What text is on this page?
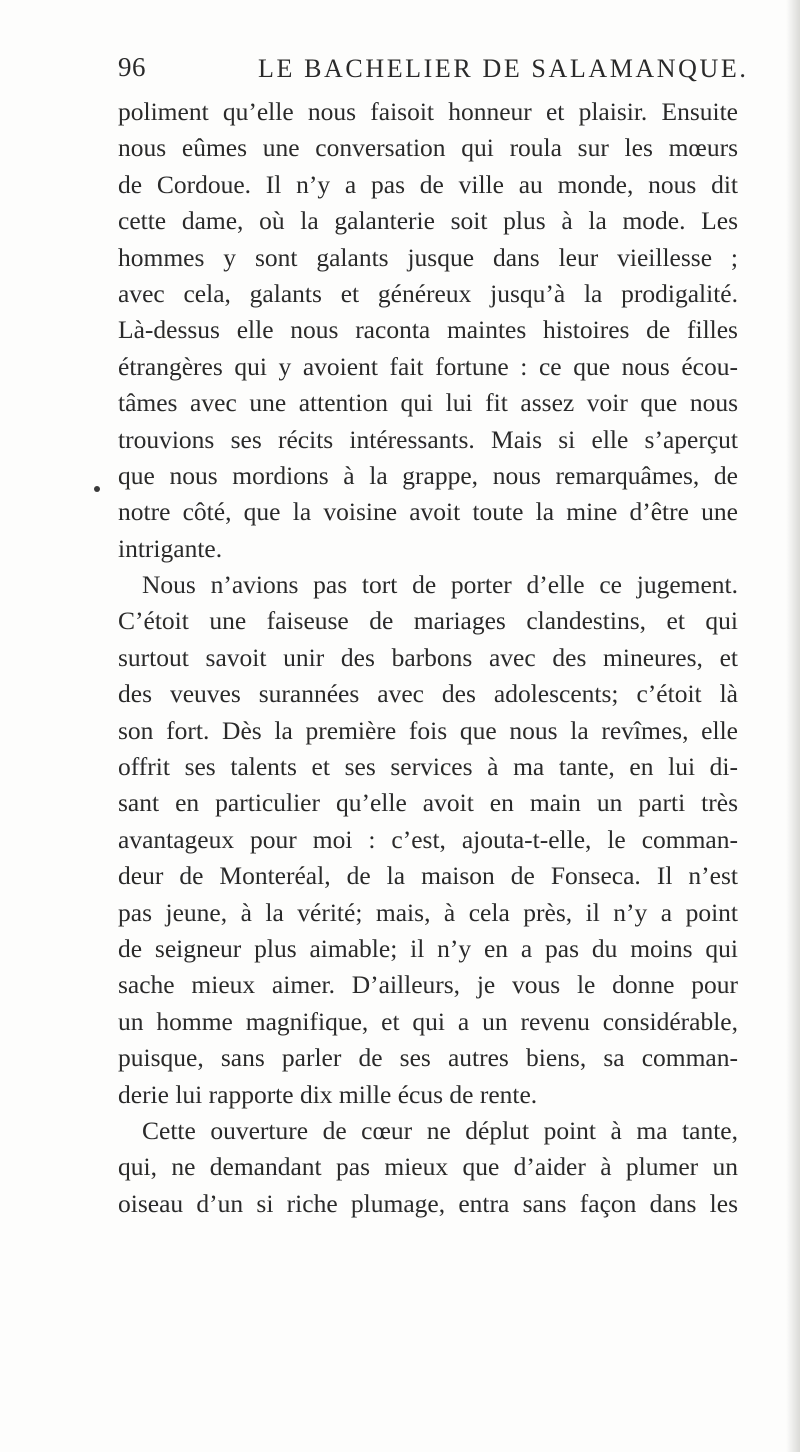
96	LE BACHELIER DE SALAMANQUE.
poliment qu’elle nous faisoit honneur et plaisir. Ensuite
nous eûmes une conversation qui roula sur les mœurs
de Cordoue. Il n’y a pas de ville au monde, nous dit
cette dame, où la galanterie soit plus à la mode. Les
hommes y sont galants jusque dans leur vieillesse ;
avec cela, galants et généreux jusqu’à la prodigalité.
Là-dessus elle nous raconta maintes histoires de filles
étrangères qui y avoient fait fortune : ce que nous écou-
tâmes avec une attention qui lui fit assez voir que nous
trouvions ses récits intéressants. Mais si elle s’aperçut
que nous mordions à la grappe, nous remarquâmes, de
notre côté, que la voisine avoit toute la mine d’être une
intrigante.
Nous n’avions pas tort de porter d’elle ce jugement.
C’étoit une faiseuse de mariages clandestins, et qui
surtout savoit unir des barbons avec des mineures, et
des veuves surannées avec des adolescents; c’étoit là
son fort. Dès la première fois que nous la revîmes, elle
offrit ses talents et ses services à ma tante, en lui di-
sant en particulier qu’elle avoit en main un parti très
avantageux pour moi : c’est, ajouta-t-elle, le comman-
deur de Monteréal, de la maison de Fonseca. Il n’est
pas jeune, à la vérité; mais, à cela près, il n’y a point
de seigneur plus aimable; il n’y en a pas du moins qui
sache mieux aimer. D’ailleurs, je vous le donne pour
un homme magnifique, et qui a un revenu considérable,
puisque, sans parler de ses autres biens, sa comman-
derie lui rapporte dix mille écus de rente.
Cette ouverture de cœur ne déplut point à ma tante,
qui, ne demandant pas mieux que d’aider à plumer un
oiseau d’un si riche plumage, entra sans façon dans les
